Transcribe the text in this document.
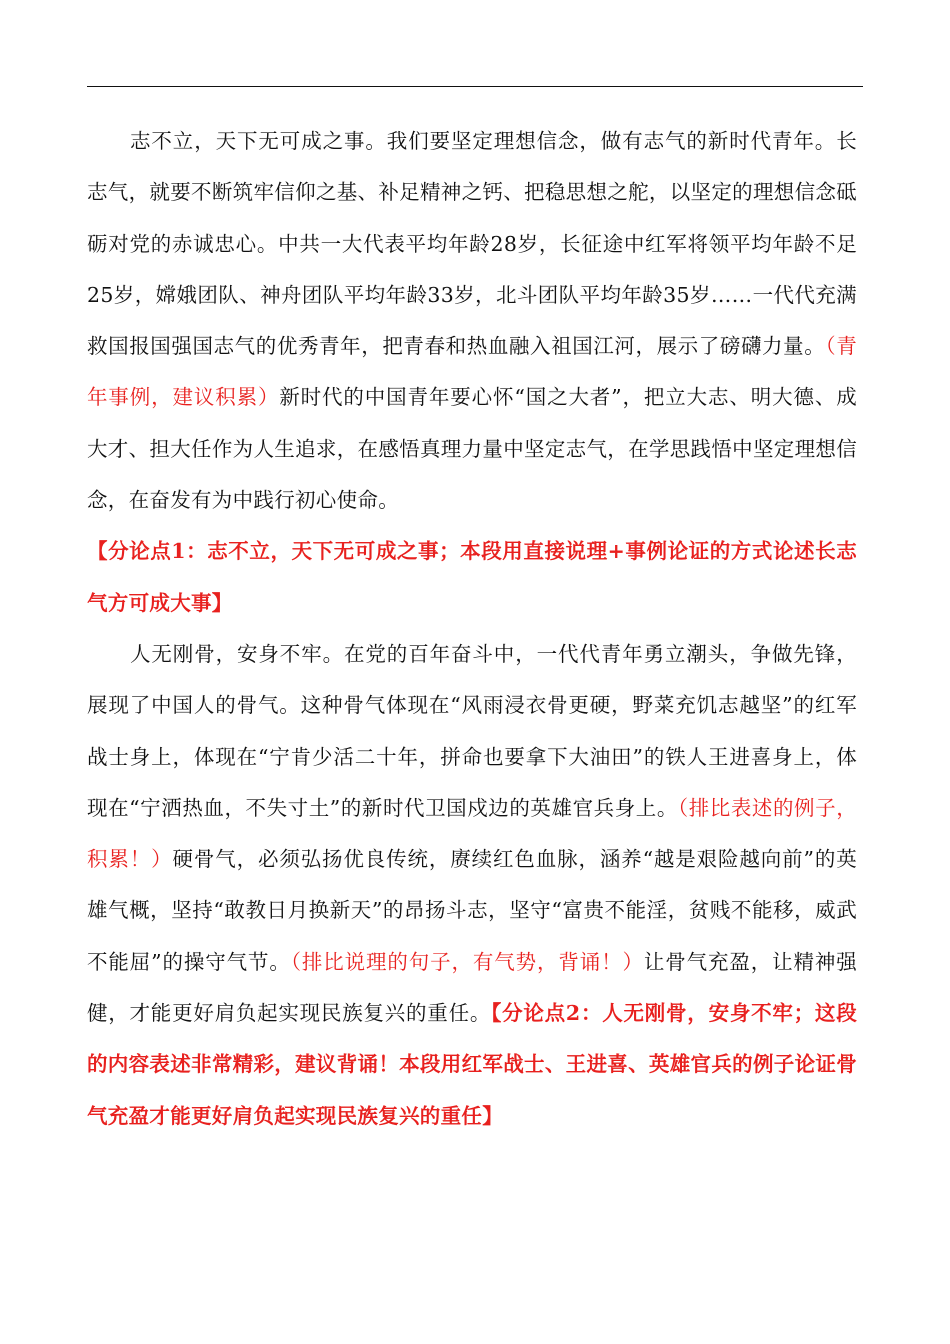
志不立，天下无可成之事。我们要坚定理想信念，做有志气的新时代青年。长志气，就要不断筑牢信仰之基、补足精神之钙、把稳思想之舵，以坚定的理想信念砥砺对党的赤诚忠心。中共一大代表平均年龄28岁，长征途中红军将领平均年龄不足25岁，嫦娥团队、神舟团队平均年龄33岁，北斗团队平均年龄35岁……一代代充满救国报国强国志气的优秀青年，把青春和热血融入祖国江河，展示了磅礴力量。（青年事例，建议积累）新时代的中国青年要心怀“国之大者”，把立大志、明大德、成大才、担大任作为人生追求，在感悟真理力量中坚定志气，在学思践悟中坚定理想信念，在奋发有为中践行初心使命。

【分论点1：志不立，天下无可成之事；本段用直接说理+事例论证的方式论述长志气方可成大事】

人无刚骨，安身不牢。在党的百年奋斗中，一代代青年勇立潮头，争做先锋，展现了中国人的骨气。这种骨气体现在“风雨浸衣骨更硬，野菜充饥志越坚”的红军战士身上，体现在“宁肯少活二十年，拼命也要拿下大油田”的铁人王进喜身上，体现在“宁洒热血，不失寸土”的新时代卫国戍边的英雄官兵身上。（排比表述的例子，积累！）硬骨气，必须弘扬优良传统，赓续红色血脉，涵养“越是艰险越向前”的英雄气概，坚持“敢教日月换新天”的昂扬斗志，坚守“富贵不能淫，贫贱不能移，威武不能屈”的操守气节。（排比说理的句子，有气势，背诵！）让骨气充盈，让精神强健，才能更好肩负起实现民族复兴的重任。【分论点2：人无刚骨，安身不牢；这段的内容表述非常精彩，建议背诵！本段用红军战士、王进喜、英雄官兵的例子论证骨气充盈才能更好肩负起实现民族复兴的重任】
